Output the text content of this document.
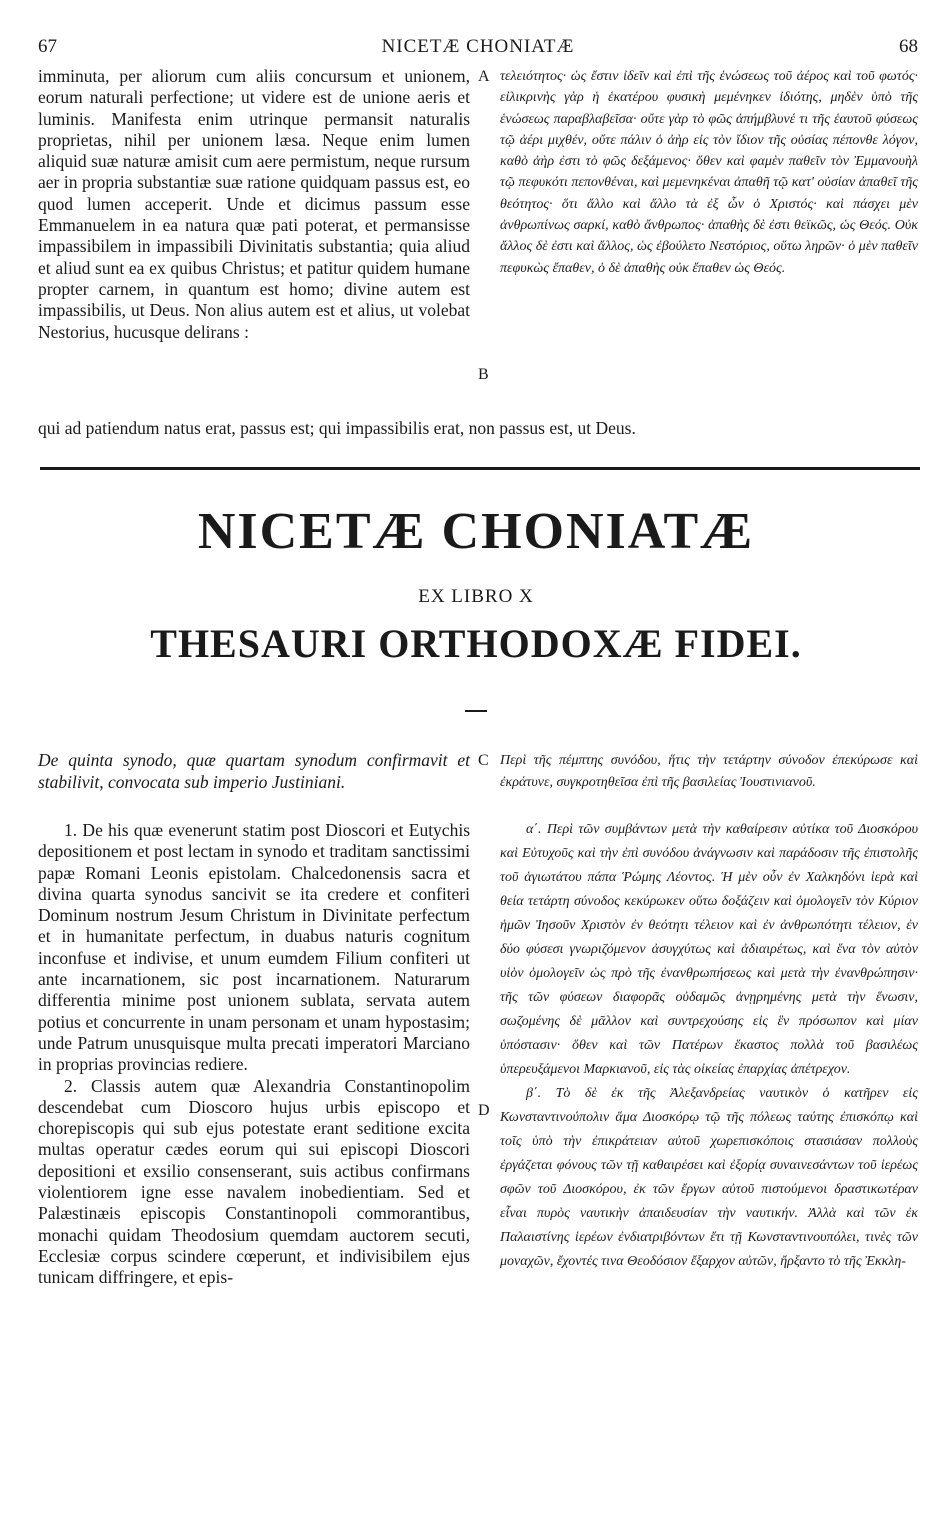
67	NICETÆ CHONIATÆ	68

imminuta, per aliorum cum aliis concursum et unionem, eorum naturali perfectione; ut videre est de unione aeris et luminis. Manifesta enim utrinque permansit naturalis proprietas, nihil per unionem læsa. Neque enim lumen aliquid suæ naturæ amisit cum aere permistum, neque rursum aer in propria substantiæ suæ ratione quidquam passus est, eo quod lumen acceperit. Unde et dicimus passum esse Emmanuelem in ea natura quæ pati poterat, et permansisse impassibilem in impassibili Divinitatis substantia; quia aliud et aliud sunt ea ex quibus Christus; et patitur quidem humane propter carnem, in quantum est homo; divine autem est impassibilis, ut Deus. Non alius autem est et alius, ut volebat Nestorius, hucusque delirans :

A
B

τελειότητος· ὡς ἔστιν ἰδεῖν καὶ ἐπὶ τῆς ἑνώσεως τοῦ ἀέρος καὶ τοῦ φωτός· εἰλικρινὴς γὰρ ἡ ἑκατέρου φυσικὴ μεμένηκεν ἰδιότης, μηδὲν ὑπὸ τῆς ἑνώσεως παραβλαβεῖσα· οὔτε γὰρ τὸ φῶς ἀπήμβλυνέ τι τῆς ἑαυτοῦ φύσεως τῷ ἀέρι μιχθέν, οὔτε πάλιν ὁ ἀὴρ εἰς τὸν ἴδιον τῆς οὐσίας πέπονθε λόγον, καθὸ ἀὴρ ἐστι τὸ φῶς δεξάμενος· ὅθεν καὶ φαμὲν παθεῖν τὸν Ἐμμανουὴλ τῷ πεφυκότι πεπονθέναι, καὶ μεμενηκέναι ἀπαθῆ τῷ κατ' οὐσίαν ἀπαθεῖ τῆς θεότητος· ὅτι ἄλλο καὶ ἄλλο τὰ ἐξ ὧν ὁ Χριστός· καὶ πάσχει μὲν ἀνθρωπίνως σαρκί, καθὸ ἄνθρωπος· ἀπαθὴς δὲ ἐστι θεϊκῶς, ὡς Θεός. Οὐκ ἄλλος δὲ ἐστι καὶ ἄλλος, ὡς ἐβούλετο Νεστόριος, οὕτω ληρῶν· ὁ μὲν παθεῖν πεφυκὼς ἔπαθεν, ὁ δὲ ἀπαθὴς οὐκ ἔπαθεν ὡς Θεός.

qui ad patiendum natus erat, passus est; qui impassibilis erat, non passus est, ut Deus.
NICETÆ CHONIATÆ
EX LIBRO X
THESAURI ORTHODOXÆ FIDEI.
De quinta synodo, quæ quartam synodum confirmavit et stabilivit, convocata sub imperio Justiniani.
C Περὶ τῆς πέμπτης συνόδου, ἥτις τὴν τετάρτην σύνοδον ἐπεκύρωσε καὶ ἐκράτυνε, συγκροτηθεῖσα ἐπὶ τῆς βασιλείας Ἰουστινιανοῦ.

1. De his quæ evenerunt statim post Dioscori et Eutychis depositionem et post lectam in synodo et traditam sanctissimi papæ Romani Leonis epistolam. Chalcedonensis sacra et divina quarta synodus sancivit se ita credere et confiteri Dominum nostrum Jesum Christum in Divinitate perfectum et in humanitate perfectum, in duabus naturis cognitum inconfuse et indivise, et unum eumdem Filium confiteri ut ante incarnationem, sic post incarnationem. Naturarum differentia minime post unionem sublata, servata autem potius et concurrente in unam personam et unam hypostasim; unde Patrum unusquisque multa precati imperatori Marciano in proprias provincias rediere.

2. Classis autem quæ Alexandria Constantinopolim descendebat cum Dioscoro hujus urbis episcopo et chorepiscopis qui sub ejus potestate erant seditione excita multas operatur cædes eorum qui sui episcopi Dioscori depositioni et exsilio consenserant, suis actibus confirmans violentiorem igne esse navalem inobedientiam. Sed et Palæstinæis episcopis Constantinopoli commorantibus, monachi quidam Theodosium quemdam auctorem secuti, Ecclesiæ corpus scindere cœperunt, et indivisibilem ejus tunicam diffringere, et epis-

D

α΄. Περὶ τῶν συμβάντων μετὰ τὴν καθαίρεσιν αὐτίκα τοῦ Διοσκόρου καὶ Εὐτυχοῦς καὶ τὴν ἐπὶ συνόδου ἀνάγνωσιν καὶ παράδοσιν τῆς ἐπιστολῆς τοῦ ἁγιωτάτου πάπα Ῥώμης Λέοντος. Ἡ μὲν οὖν ἐν Χαλκηδόνι ἱερὰ καὶ θεία τετάρτη σύνοδος κεκύρωκεν οὕτω δοξάζειν καὶ ὁμολογεῖν τὸν Κύριον ἡμῶν Ἰησοῦν Χριστὸν ἐν θεότητι τέλειον καὶ ἐν ἀνθρωπότητι τέλειον, ἐν δύο φύσεσι γνωριζόμενον ἀσυγχύτως καὶ ἀδιαιρέτως, καὶ ἕνα τὸν αὐτὸν υἱὸν ὁμολογεῖν ὡς πρὸ τῆς ἐνανθρωπήσεως καὶ μετὰ τὴν ἐνανθρώπησιν· τῆς τῶν φύσεων διαφορᾶς οὐδαμῶς ἀνῃρημένης μετὰ τὴν ἕνωσιν, σωζομένης δὲ μᾶλλον καὶ συντρεχούσης εἰς ἓν πρόσωπον καὶ μίαν ὑπόστασιν· ὅθεν καὶ τῶν Πατέρων ἕκαστος πολλὰ τοῦ βασιλέως ὑπερευξάμενοι Μαρκιανοῦ, εἰς τὰς οἰκείας ἐπαρχίας ἀπέτρεχον.

β΄. Τὸ δὲ ἐκ τῆς Ἀλεξανδρείας ναυτικὸν ὁ κατῆρεν εἰς Κωνσταντινούπολιν ἅμα Διοσκόρῳ τῷ τῆς πόλεως ταύτης ἐπισκόπῳ καὶ τοῖς ὑπὸ τὴν ἐπικράτειαν αὐτοῦ χωρεπισκόποις στασιάσαν πολλοὺς ἐργάζεται φόνους τῶν τῇ καθαιρέσει καὶ ἐξορίᾳ συναινεσάντων τοῦ ἱερέως σφῶν τοῦ Διοσκόρου, ἐκ τῶν ἔργων αὐτοῦ πιστούμενοι δραστικωτέραν εἶναι πυρὸς ναυτικὴν ἀπαιδευσίαν τὴν ναυτικήν. Ἀλλὰ καὶ τῶν ἐκ Παλαιστίνης ἱερέων ἐνδιατριβόντων ἔτι τῇ Κωνσταντινουπόλει, τινὲς τῶν μοναχῶν, ἔχοντές τινα Θεοδόσιον ἔξαρχον αὐτῶν, ἤρξαντο τὸ τῆς Ἐκκλη-
